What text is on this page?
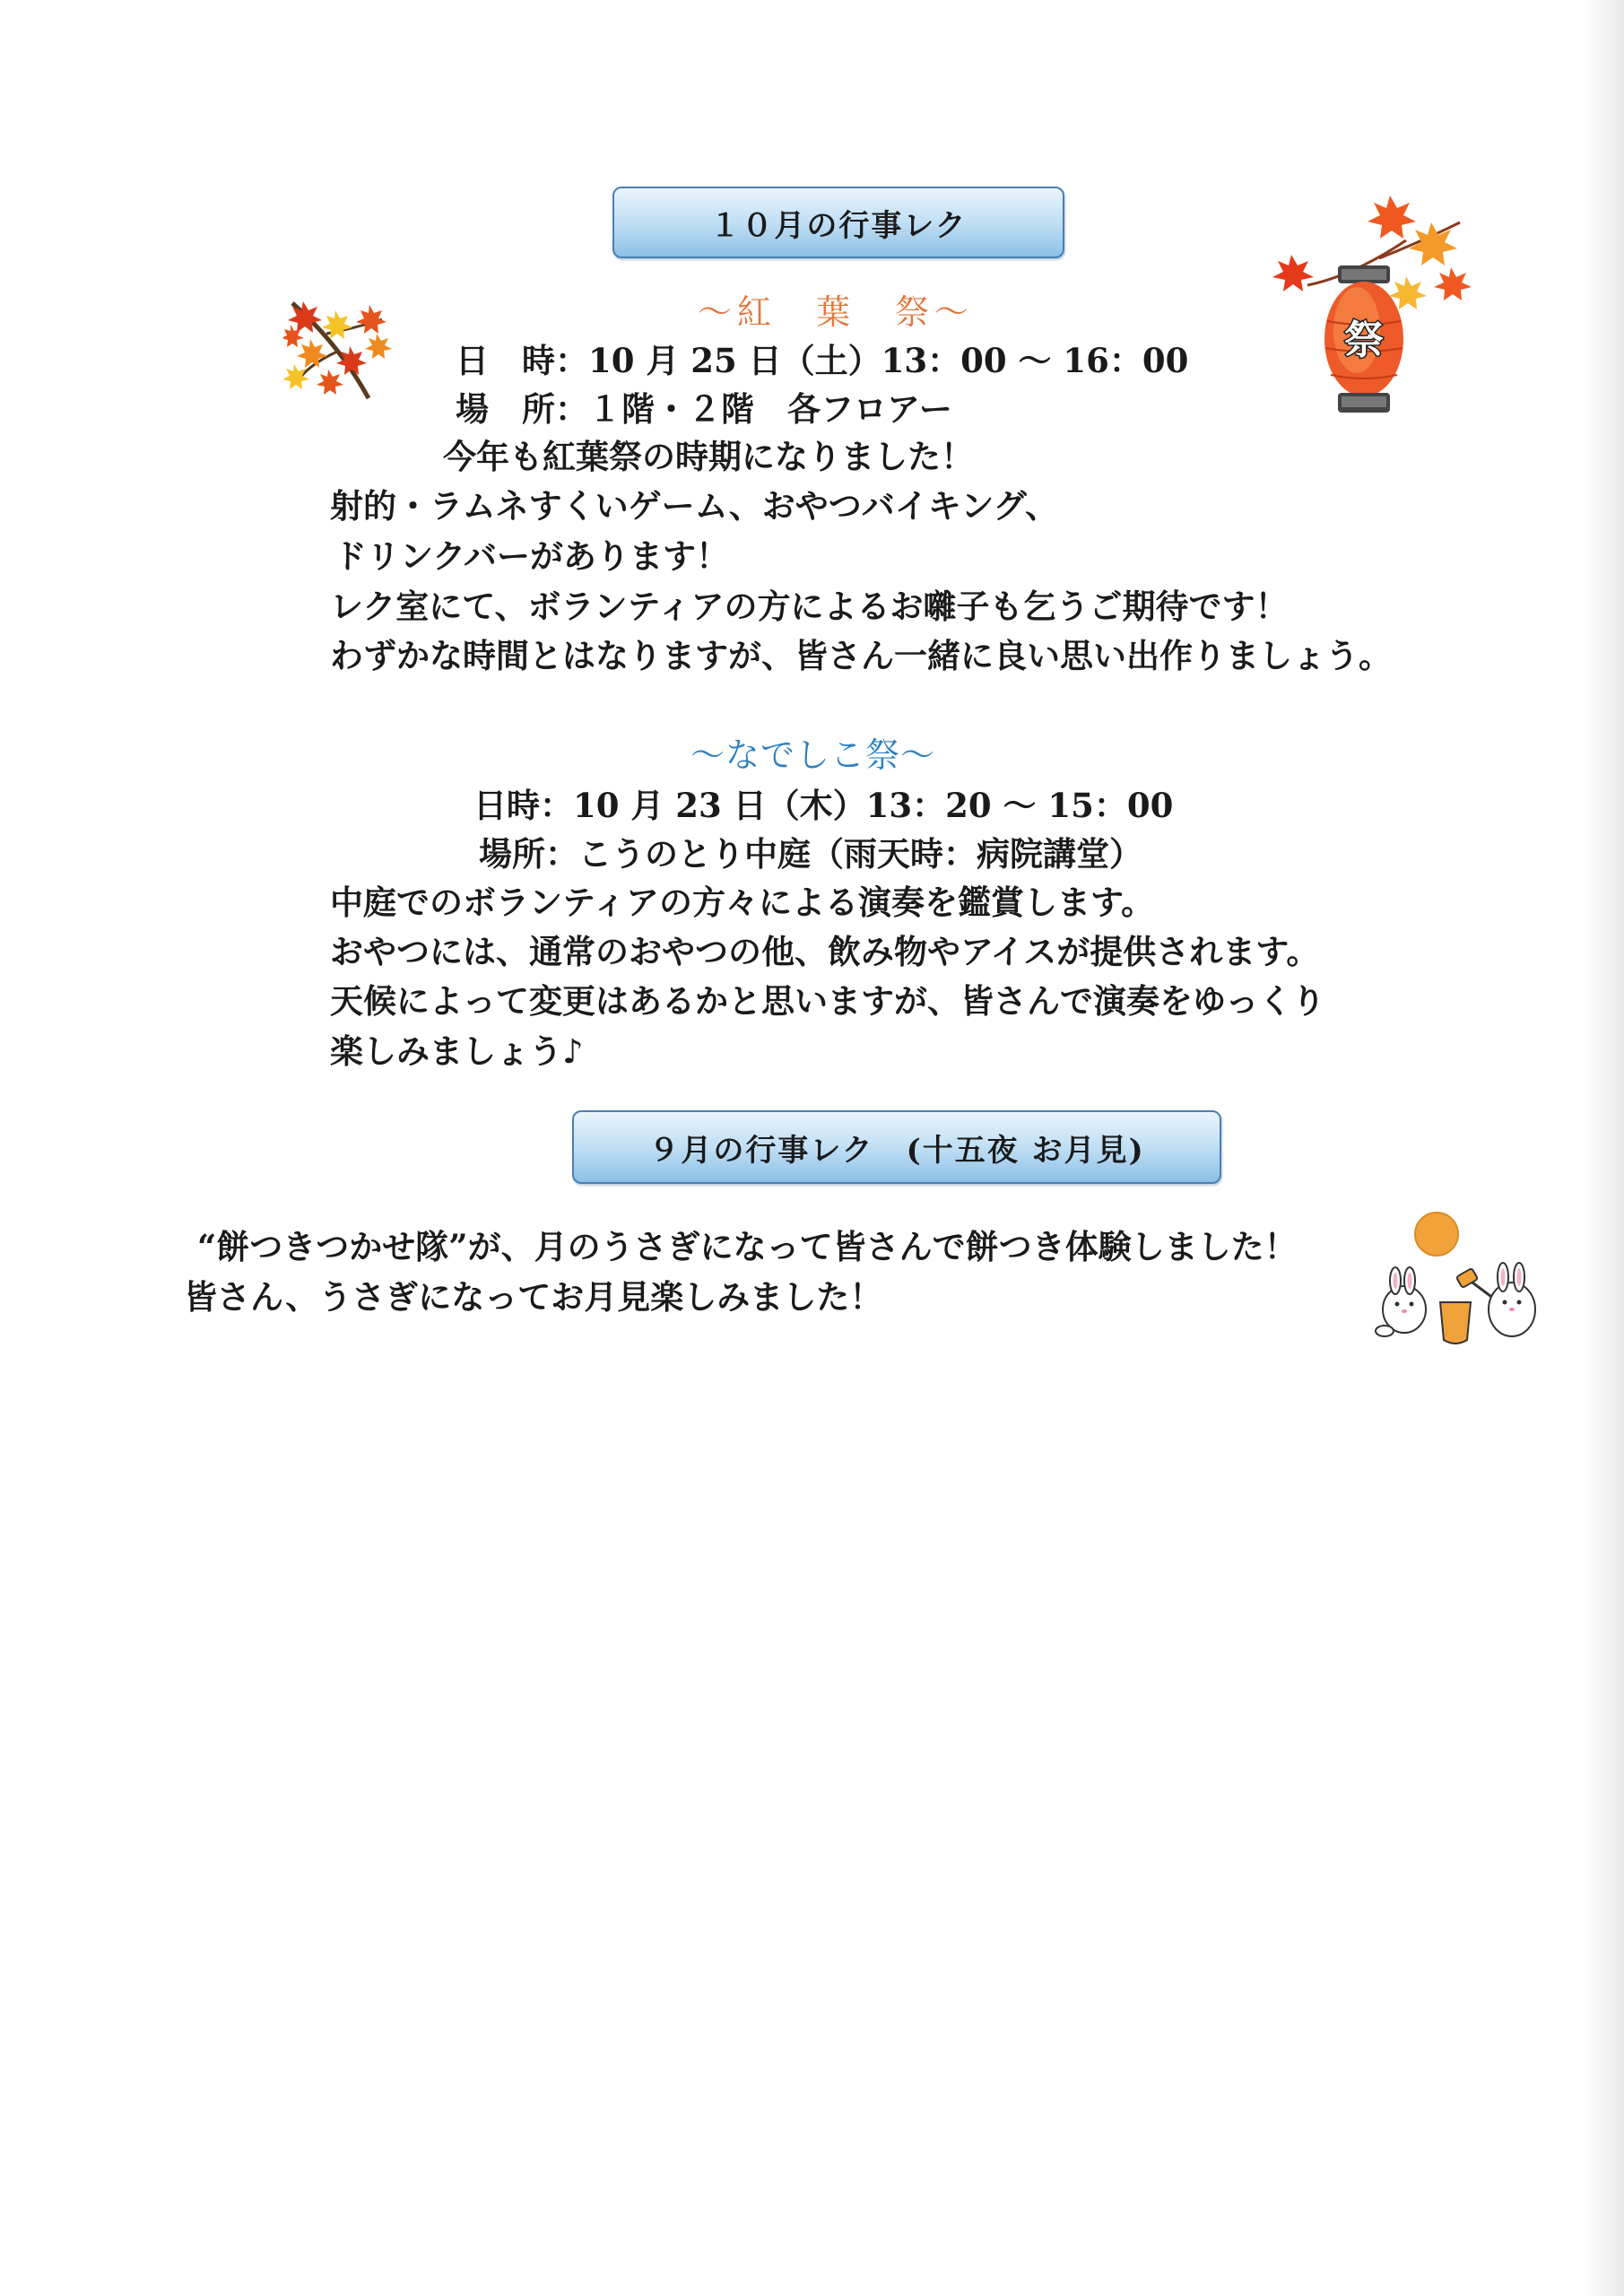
１０月の行事レク
祭
～紅　葉　祭～
日　時：10 月 25 日（土）13：00 ～ 16：00
場　所：１階・２階　各フロアー
今年も紅葉祭の時期になりました！
射的・ラムネすくいゲーム、おやつバイキング、
ドリンクバーがあります！
レク室にて、ボランティアの方によるお囃子も乞うご期待です！
わずかな時間とはなりますが、皆さん一緒に良い思い出作りましょう。
～なでしこ祭～
日時：10 月 23 日（木）13：20 ～ 15：00
場所：こうのとり中庭（雨天時：病院講堂）
中庭でのボランティアの方々による演奏を鑑賞します。
おやつには、通常のおやつの他、飲み物やアイスが提供されます。
天候によって変更はあるかと思いますが、皆さんで演奏をゆっくり
楽しみましょう♪
９月の行事レク　(十五夜 お月見)
“餅つきつかせ隊”が、月のうさぎになって皆さんで餅つき体験しました！
皆さん、うさぎになってお月見楽しみました！
